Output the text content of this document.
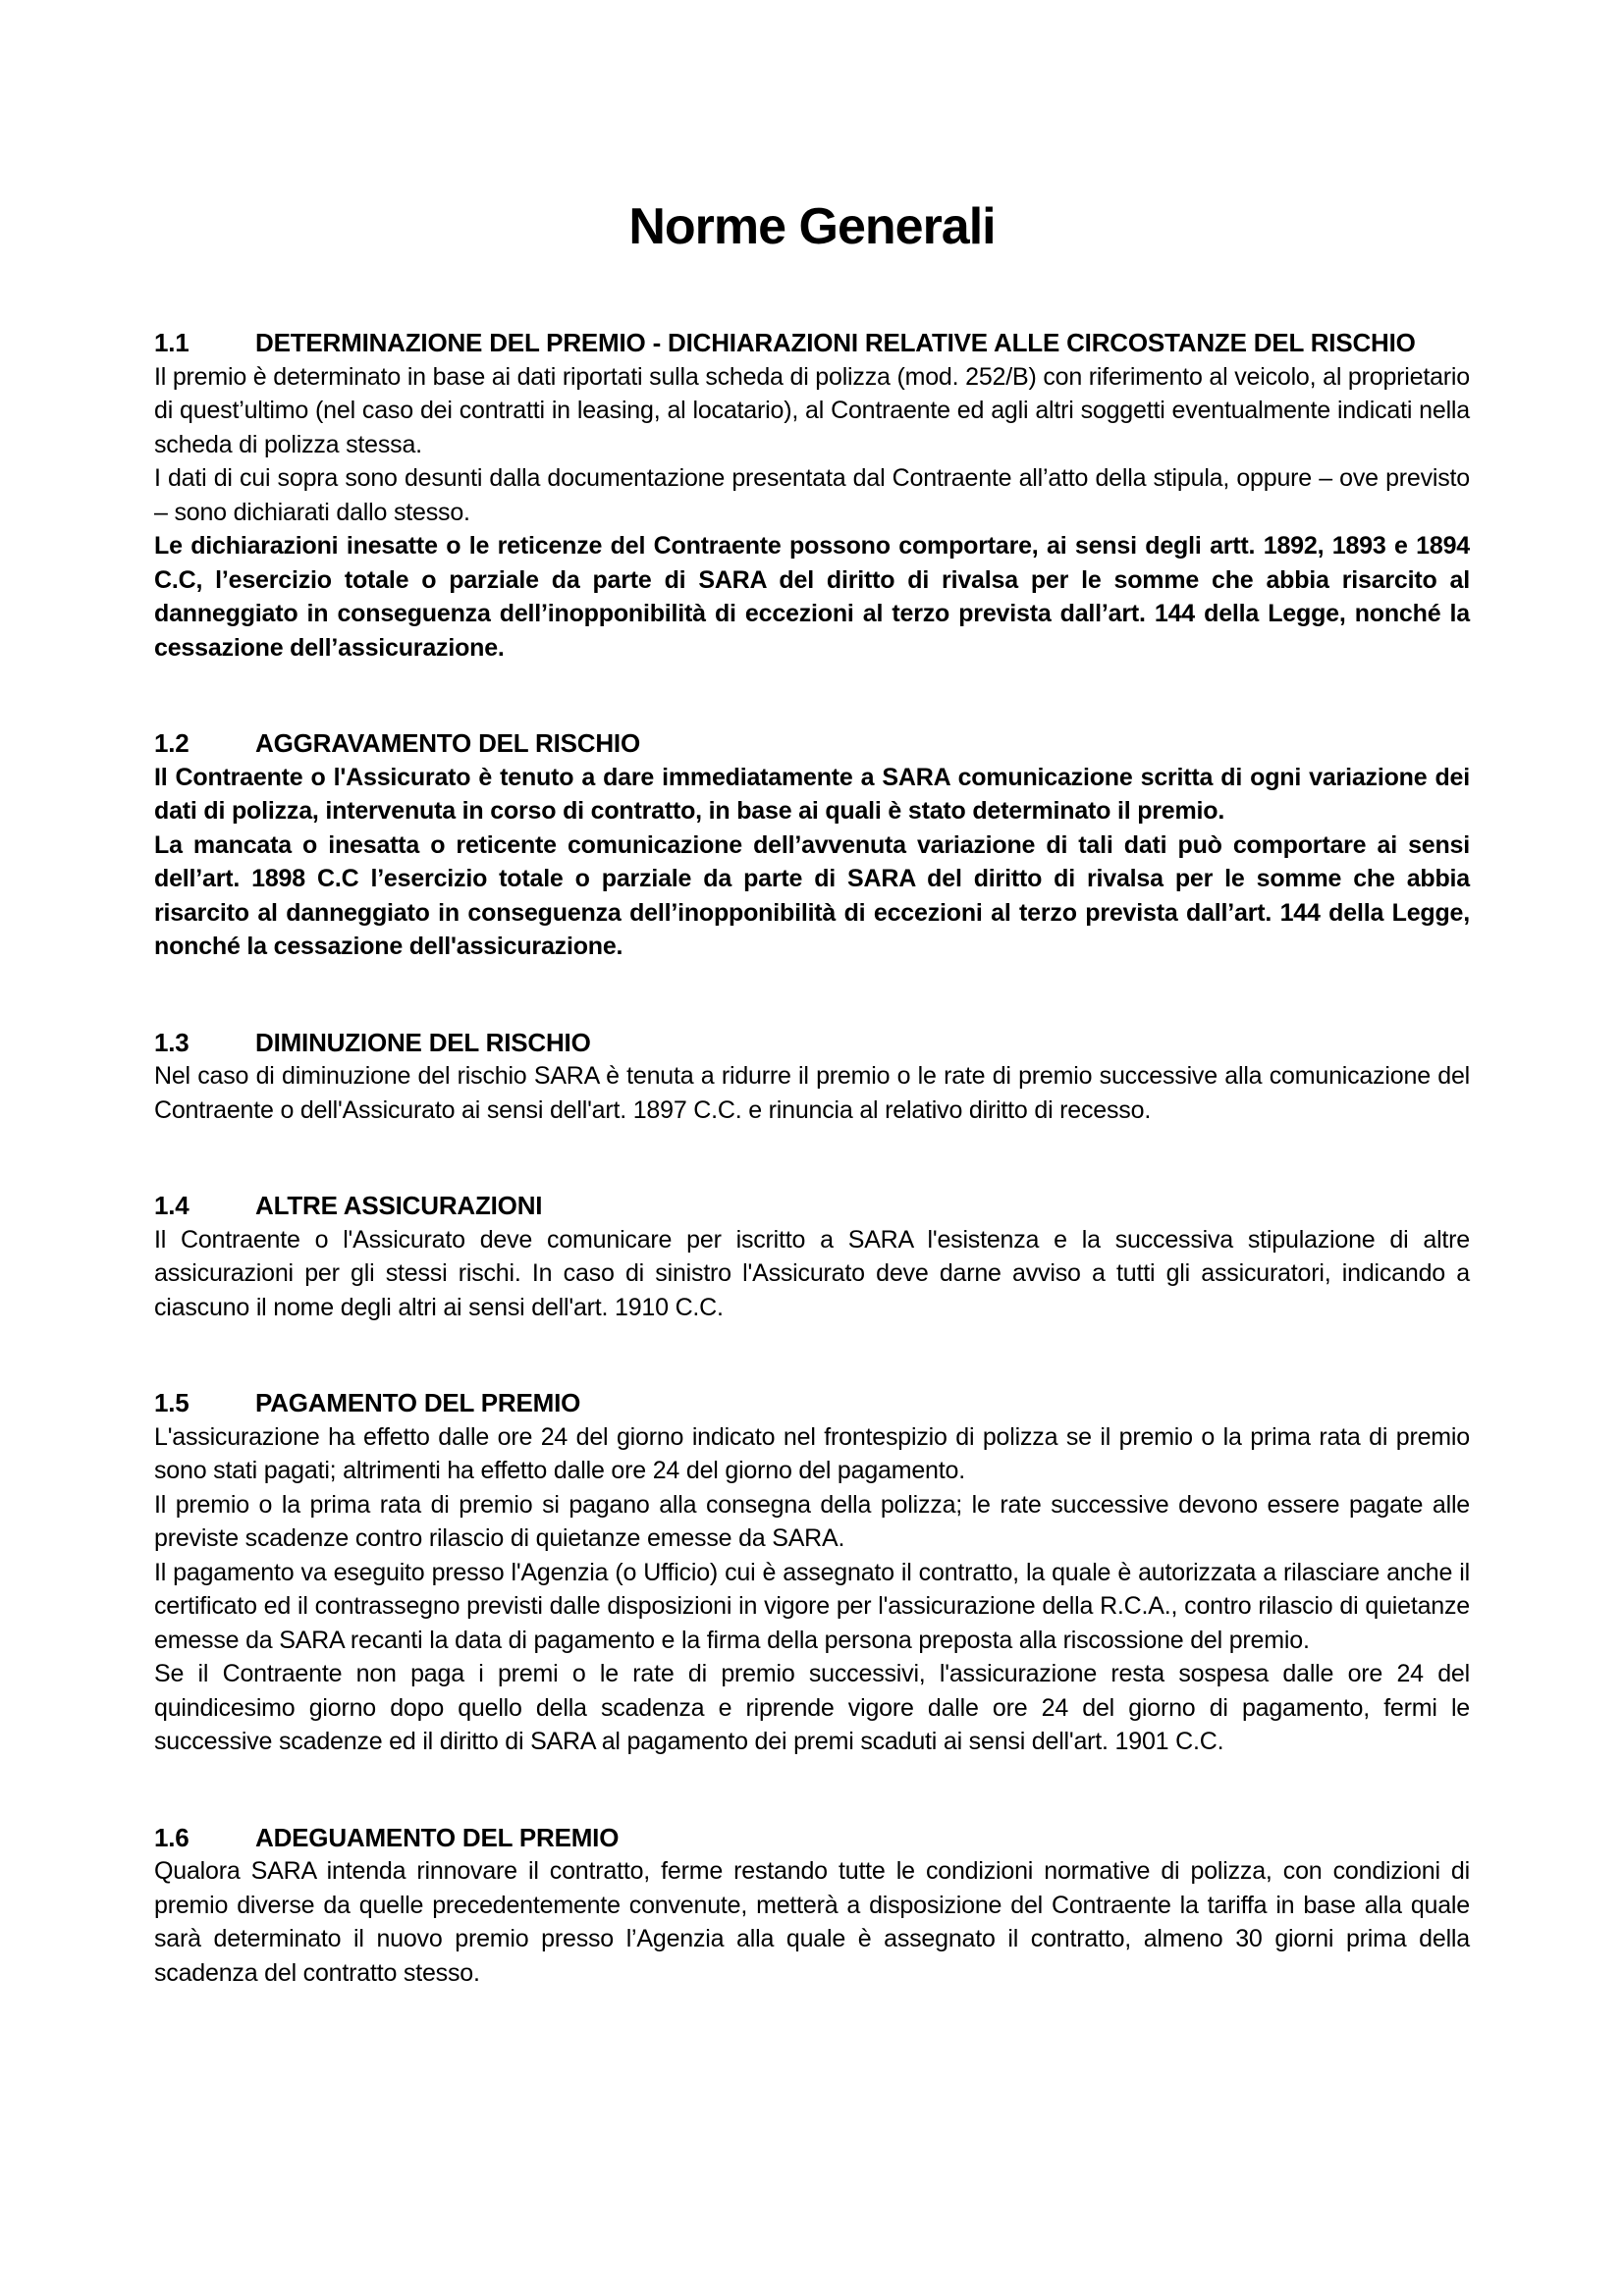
Norme Generali
1.1	DETERMINAZIONE DEL PREMIO - DICHIARAZIONI RELATIVE ALLE CIRCOSTANZE DEL RISCHIO

Il premio è determinato in base ai dati riportati sulla scheda di polizza (mod. 252/B) con riferimento al veicolo, al proprietario di quest’ultimo (nel caso dei contratti in leasing, al locatario), al Contraente ed agli altri soggetti eventualmente indicati nella scheda di polizza stessa.

I dati di cui sopra sono desunti dalla documentazione presentata dal Contraente all’atto della stipula, oppure – ove previsto – sono dichiarati dallo stesso.

Le dichiarazioni inesatte o le reticenze del Contraente possono comportare, ai sensi degli artt. 1892, 1893 e 1894 C.C, l’esercizio totale o parziale da parte di SARA del diritto di rivalsa per le somme che abbia risarcito al danneggiato in conseguenza dell’inopponibilità di eccezioni al terzo prevista dall’art. 144 della Legge, nonché la cessazione dell’assicurazione.

1.2	AGGRAVAMENTO DEL RISCHIO

Il Contraente o l'Assicurato è tenuto a dare immediatamente a SARA comunicazione scritta di ogni variazione dei dati di polizza, intervenuta in corso di contratto, in base ai quali è stato determinato il premio.

La mancata o inesatta o reticente comunicazione dell’avvenuta variazione di tali dati può comportare ai sensi dell’art. 1898 C.C l’esercizio totale o parziale da parte di SARA del diritto di rivalsa per le somme che abbia risarcito al danneggiato in conseguenza dell’inopponibilità di eccezioni al terzo prevista dall’art. 144 della Legge, nonché la cessazione dell'assicurazione.

1.3	DIMINUZIONE DEL RISCHIO

Nel caso di diminuzione del rischio SARA è tenuta a ridurre il premio o le rate di premio successive alla comunicazione del Contraente o dell'Assicurato ai sensi dell'art. 1897 C.C. e rinuncia al relativo diritto di recesso.

1.4	ALTRE ASSICURAZIONI

Il Contraente o l'Assicurato deve comunicare per iscritto a SARA l'esistenza e la successiva stipulazione di altre assicurazioni per gli stessi rischi. In caso di sinistro l'Assicurato deve darne avviso a tutti gli assicuratori, indicando a ciascuno il nome degli altri ai sensi dell'art. 1910 C.C.

1.5	PAGAMENTO DEL PREMIO

L'assicurazione ha effetto dalle ore 24 del giorno indicato nel frontespizio di polizza se il premio o la prima rata di premio sono stati pagati; altrimenti ha effetto dalle ore 24 del giorno del pagamento.

Il premio o la prima rata di premio si pagano alla consegna della polizza; le rate successive devono essere pagate alle previste scadenze contro rilascio di quietanze emesse da SARA.

Il pagamento va eseguito presso l'Agenzia (o Ufficio) cui è assegnato il contratto, la quale è autorizzata a rilasciare anche il certificato ed il contrassegno previsti dalle disposizioni in vigore per l'assicurazione della R.C.A., contro rilascio di quietanze emesse da SARA recanti la data di pagamento e la firma della persona preposta alla riscossione del premio.

Se il Contraente non paga i premi o le rate di premio successivi, l'assicurazione resta sospesa dalle ore 24 del quindicesimo giorno dopo quello della scadenza e riprende vigore dalle ore 24 del giorno di pagamento, fermi le successive scadenze ed il diritto di SARA al pagamento dei premi scaduti ai sensi dell'art. 1901 C.C.

1.6	ADEGUAMENTO DEL PREMIO

Qualora SARA intenda rinnovare il contratto, ferme restando tutte le condizioni normative di polizza, con condizioni di premio diverse da quelle precedentemente convenute, metterà a disposizione del Contraente la tariffa in base alla quale sarà determinato il nuovo premio presso l’Agenzia alla quale è assegnato il contratto, almeno 30 giorni prima della scadenza del contratto stesso.
